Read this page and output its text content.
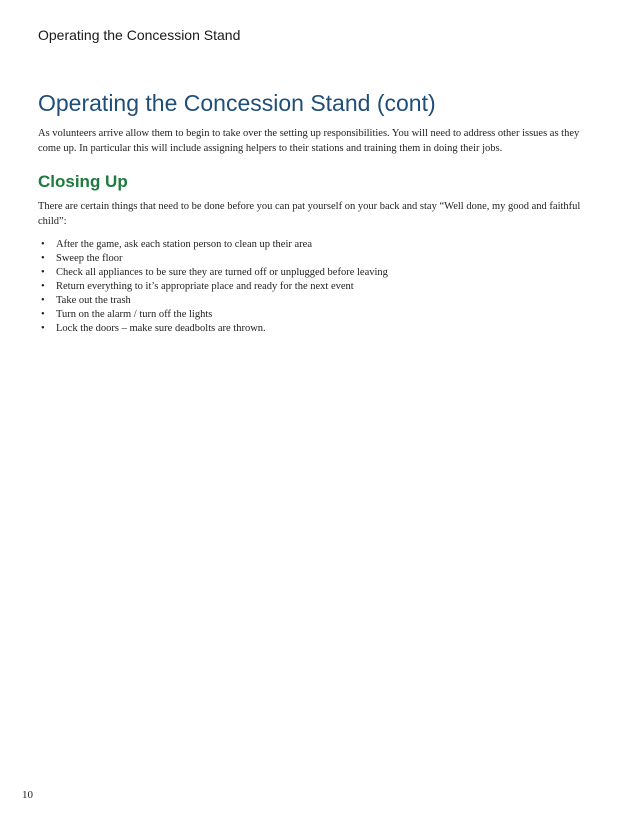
Operating the Concession Stand
Operating the Concession Stand (cont)

As volunteers arrive allow them to begin to take over the setting up responsibilities. You will need to address other issues as they come up. In particular this will include assigning helpers to their stations and training them in doing their jobs.

Closing Up

There are certain things that need to be done before you can pat yourself on your back and stay “Well done, my good and faithful child”:

• After the game, ask each station person to clean up their area
• Sweep the floor
• Check all appliances to be sure they are turned off or unplugged before leaving
• Return everything to it’s appropriate place and ready for the next event
• Take out the trash
• Turn on the alarm / turn off the lights
• Lock the doors – make sure deadbolts are thrown.
10
